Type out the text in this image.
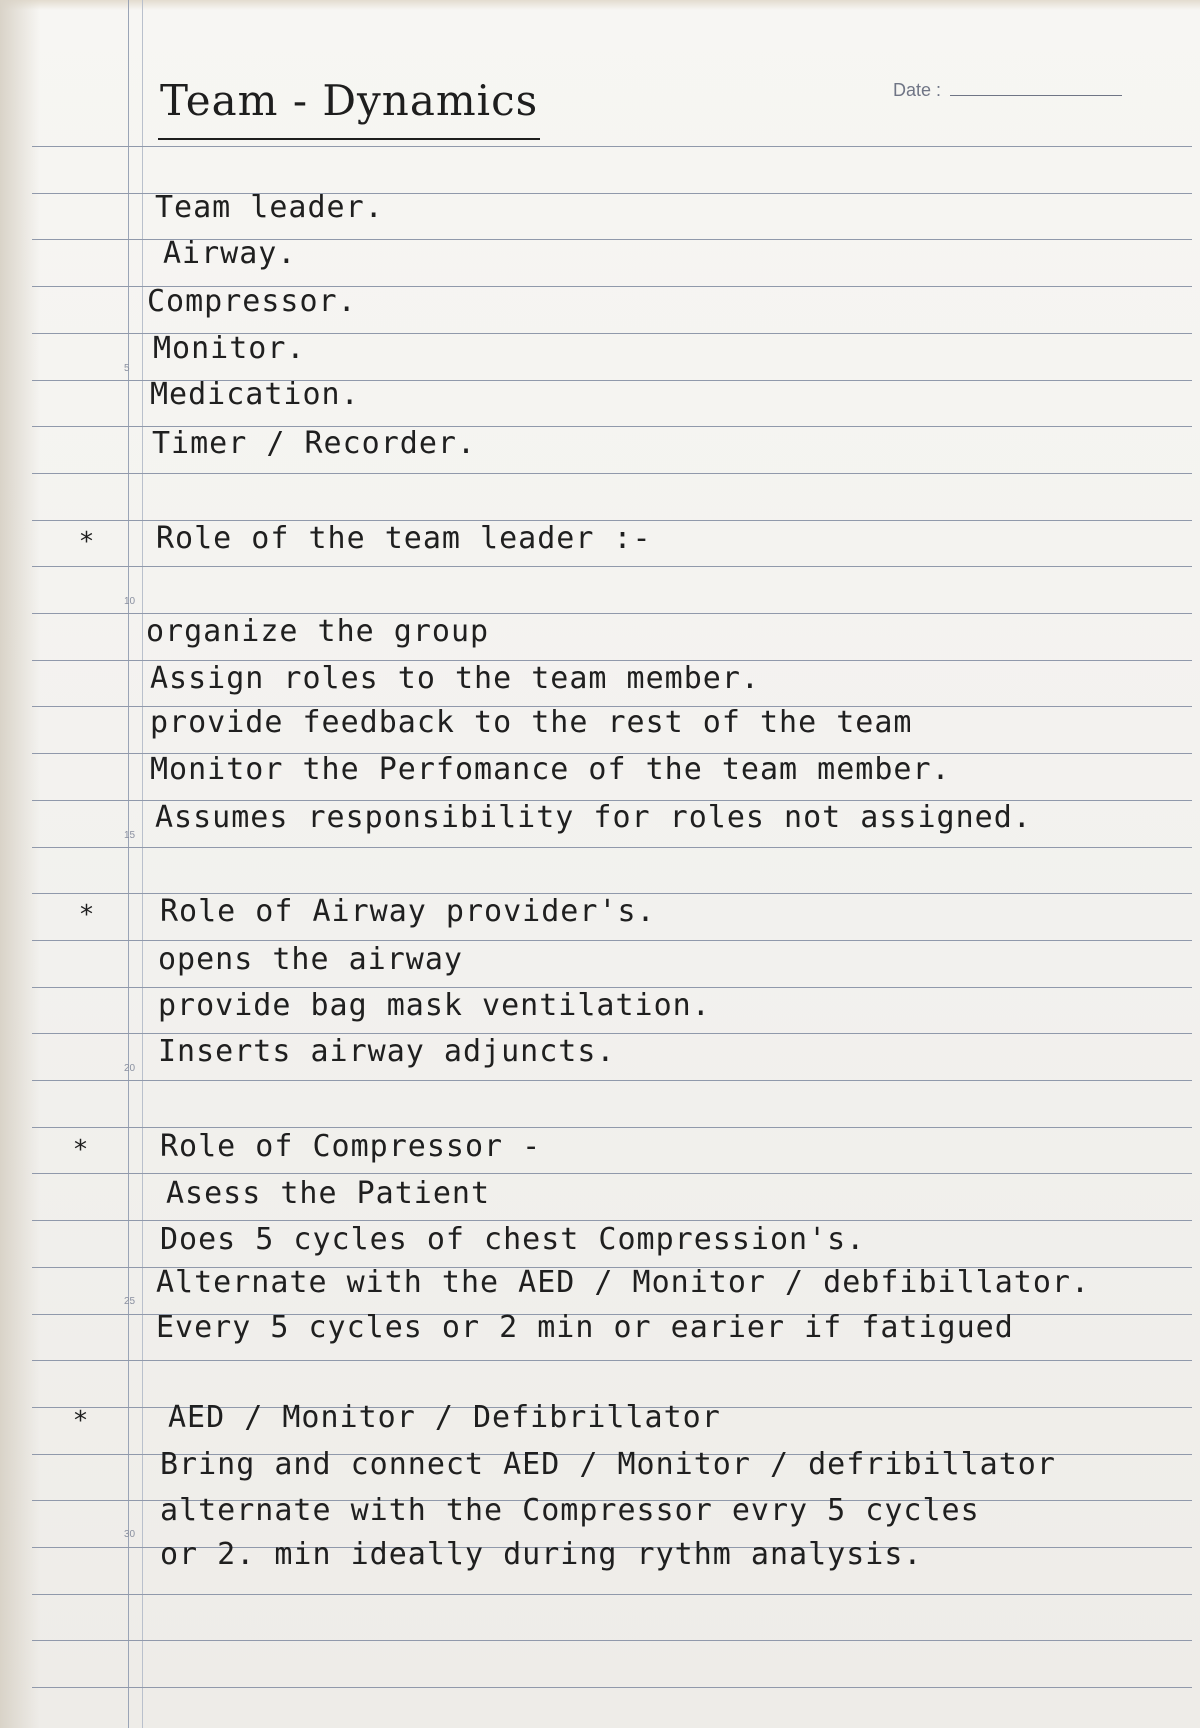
Team - Dynamics	Date :
5
10
15
20
25
30
Team leader.
Airway.
Compressor.
Monitor.
Medication.
Timer / Recorder.
* Role of the team leader :-
organize the group
Assign roles to the team member.
provide feedback to the rest of the team
Monitor the Perfomance of the team member.
Assumes responsibility for roles not assigned.
* Role of Airway provider's.
opens the airway
provide bag mask ventilation.
Inserts airway adjuncts.
* Role of Compressor -
Asess the Patient
Does 5 cycles of chest Compression's.
Alternate with the AED / Monitor / debfibillator.
Every 5 cycles or 2 min or earier if fatigued
*	AED / Monitor / Defibrillator
Bring and connect AED / Monitor / defribillator
alternate with the Compressor evry 5 cycles
or 2. min ideally during rythm analysis.
